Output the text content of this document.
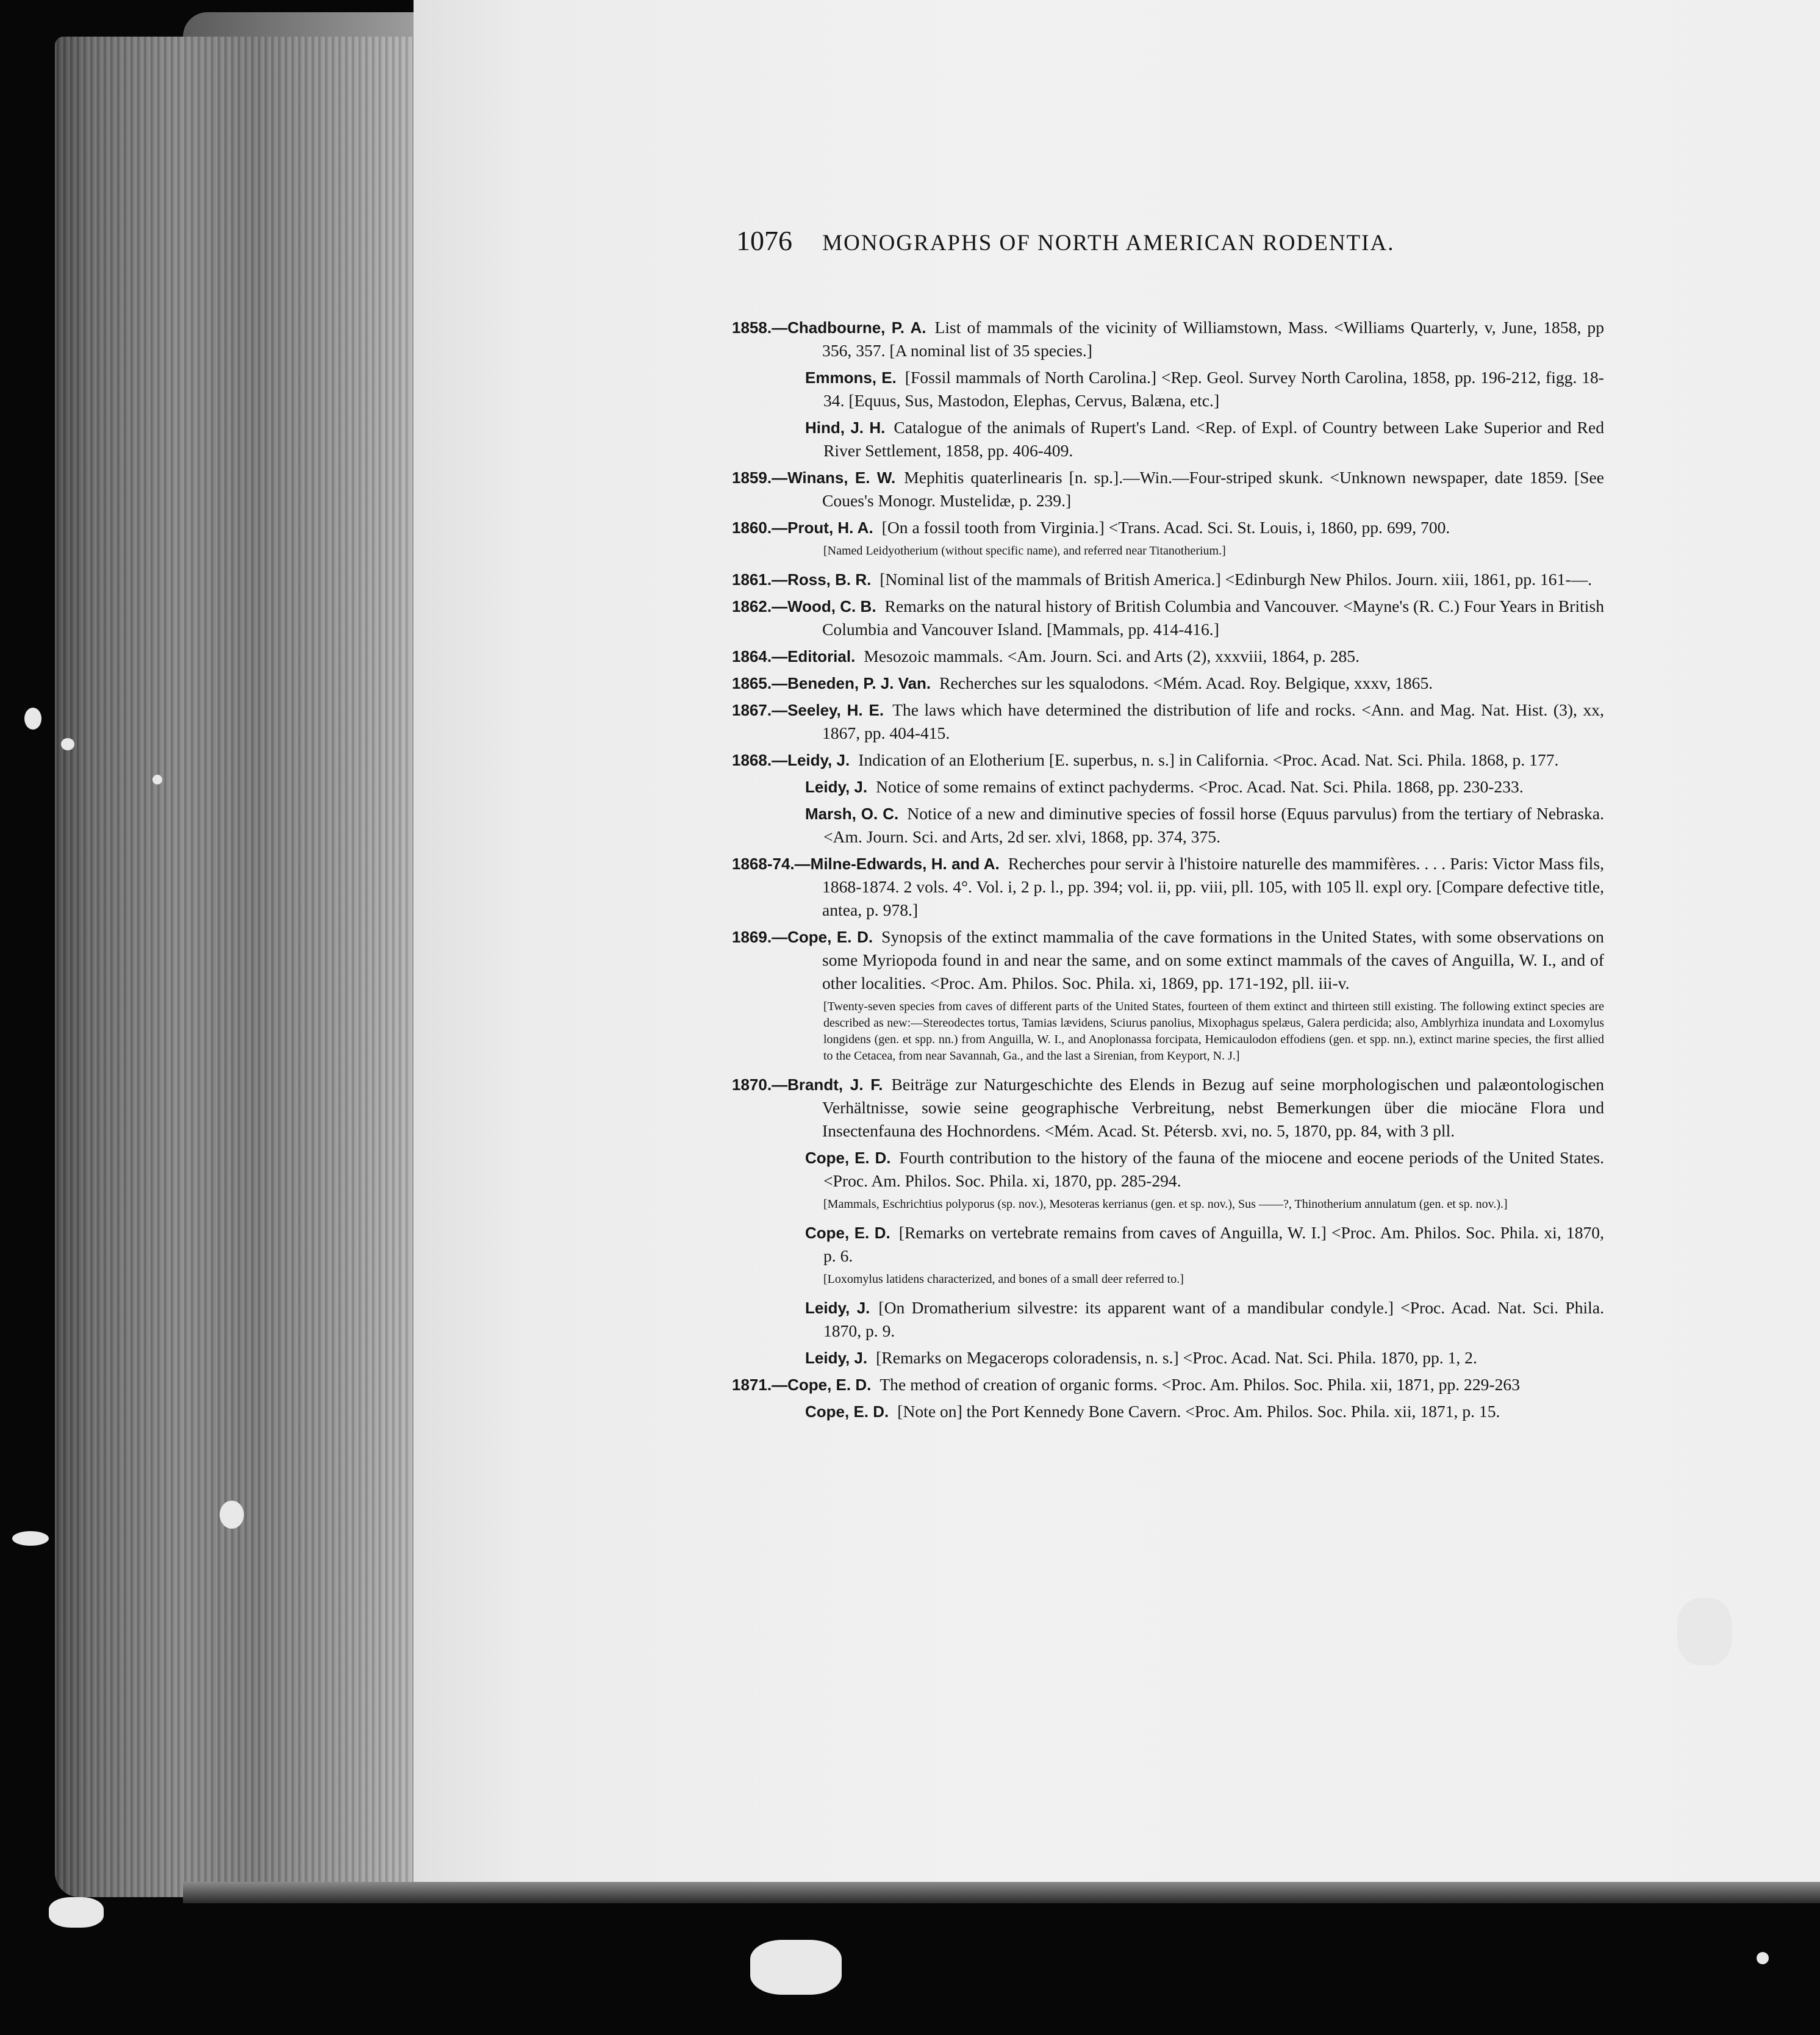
1076 MONOGRAPHS OF NORTH AMERICAN RODENTIA.
1858.—Chadbourne, P. A. List of mammals of the vicinity of Williamstown, Mass. <Williams Quarterly, v, June, 1858, pp 356, 357. [A nominal list of 35 species.]
Emmons, E. [Fossil mammals of North Carolina.] <Rep. Geol. Survey North Carolina, 1858, pp. 196-212, figg. 18-34. [Equus, Sus, Mastodon, Elephas, Cervus, Balæna, etc.]
Hind, J. H. Catalogue of the animals of Rupert's Land. <Rep. of Expl. of Country between Lake Superior and Red River Settlement, 1858, pp. 406-409.
1859.—Winans, E. W. Mephitis quaterlinearis [n. sp.].—Win.—Four-striped skunk. <Unknown newspaper, date 1859. [See Coues's Monogr. Mustelidæ, p. 239.]
1860.—Prout, H. A. [On a fossil tooth from Virginia.] <Trans. Acad. Sci. St. Louis, i, 1860, pp. 699, 700.
[Named Leidyotherium (without specific name), and referred near Titanotherium.]
1861.—Ross, B. R. [Nominal list of the mammals of British America.] <Edinburgh New Philos. Journ. xiii, 1861, pp. 161-—.
1862.—Wood, C. B. Remarks on the natural history of British Columbia and Vancouver. <Mayne's (R. C.) Four Years in British Columbia and Vancouver Island. [Mammals, pp. 414-416.]
1864.—Editorial. Mesozoic mammals. <Am. Journ. Sci. and Arts (2), xxxviii, 1864, p. 285.
1865.—Beneden, P. J. Van. Recherches sur les squalodons. <Mém. Acad. Roy. Belgique, xxxv, 1865.
1867.—Seeley, H. E. The laws which have determined the distribution of life and rocks. <Ann. and Mag. Nat. Hist. (3), xx, 1867, pp. 404-415.
1868.—Leidy, J. Indication of an Elotherium [E. superbus, n. s.] in California. <Proc. Acad. Nat. Sci. Phila. 1868, p. 177.
Leidy, J. Notice of some remains of extinct pachyderms. <Proc. Acad. Nat. Sci. Phila. 1868, pp. 230-233.
Marsh, O. C. Notice of a new and diminutive species of fossil horse (Equus parvulus) from the tertiary of Nebraska. <Am. Journ. Sci. and Arts, 2d ser. xlvi, 1868, pp. 374, 375.
1868-74.—Milne-Edwards, H. and A. Recherches pour servir à l'histoire naturelle des mammifères. . . . Paris: Victor Mass fils, 1868-1874. 2 vols. 4°. Vol. i, 2 p. l., pp. 394; vol. ii, pp. viii, pll. 105, with 105 ll. expl ory. [Compare defective title, antea, p. 978.]
1869.—Cope, E. D. Synopsis of the extinct mammalia of the cave formations in the United States, with some observations on some Myriopoda found in and near the same, and on some extinct mammals of the caves of Anguilla, W. I., and of other localities. <Proc. Am. Philos. Soc. Phila. xi, 1869, pp. 171-192, pll. iii-v.
[Twenty-seven species from caves of different parts of the United States, fourteen of them extinct and thirteen still existing. The following extinct species are described as new:—Stereodectes tortus, Tamias lævidens, Sciurus panolius, Mixophagus spelæus, Galera perdicida; also, Amblyrhiza inundata and Loxomylus longidens (gen. et spp. nn.) from Anguilla, W. I., and Anoplonassa forcipata, Hemicaulodon effodiens (gen. et spp. nn.), extinct marine species, the first allied to the Cetacea, from near Savannah, Ga., and the last a Sirenian, from Keyport, N. J.]
1870.—Brandt, J. F. Beiträge zur Naturgeschichte des Elends in Bezug auf seine morphologischen und palæontologischen Verhältnisse, sowie seine geographische Verbreitung, nebst Bemerkungen über die miocäne Flora und Insectenfauna des Hochnordens. <Mém. Acad. St. Pétersb. xvi, no. 5, 1870, pp. 84, with 3 pll.
Cope, E. D. Fourth contribution to the history of the fauna of the miocene and eocene periods of the United States. <Proc. Am. Philos. Soc. Phila. xi, 1870, pp. 285-294.
[Mammals, Eschrichtius polyporus (sp. nov.), Mesoteras kerrianus (gen. et sp. nov.), Sus ——?, Thinotherium annulatum (gen. et sp. nov.).]
Cope, E. D. [Remarks on vertebrate remains from caves of Anguilla, W. I.] <Proc. Am. Philos. Soc. Phila. xi, 1870, p. 6.
[Loxomylus latidens characterized, and bones of a small deer referred to.]
Leidy, J. [On Dromatherium silvestre: its apparent want of a mandibular condyle.] <Proc. Acad. Nat. Sci. Phila. 1870, p. 9.
Leidy, J. [Remarks on Megacerops coloradensis, n. s.] <Proc. Acad. Nat. Sci. Phila. 1870, pp. 1, 2.
1871.—Cope, E. D. The method of creation of organic forms. <Proc. Am. Philos. Soc. Phila. xii, 1871, pp. 229-263
Cope, E. D. [Note on] the Port Kennedy Bone Cavern. <Proc. Am. Philos. Soc. Phila. xii, 1871, p. 15.
